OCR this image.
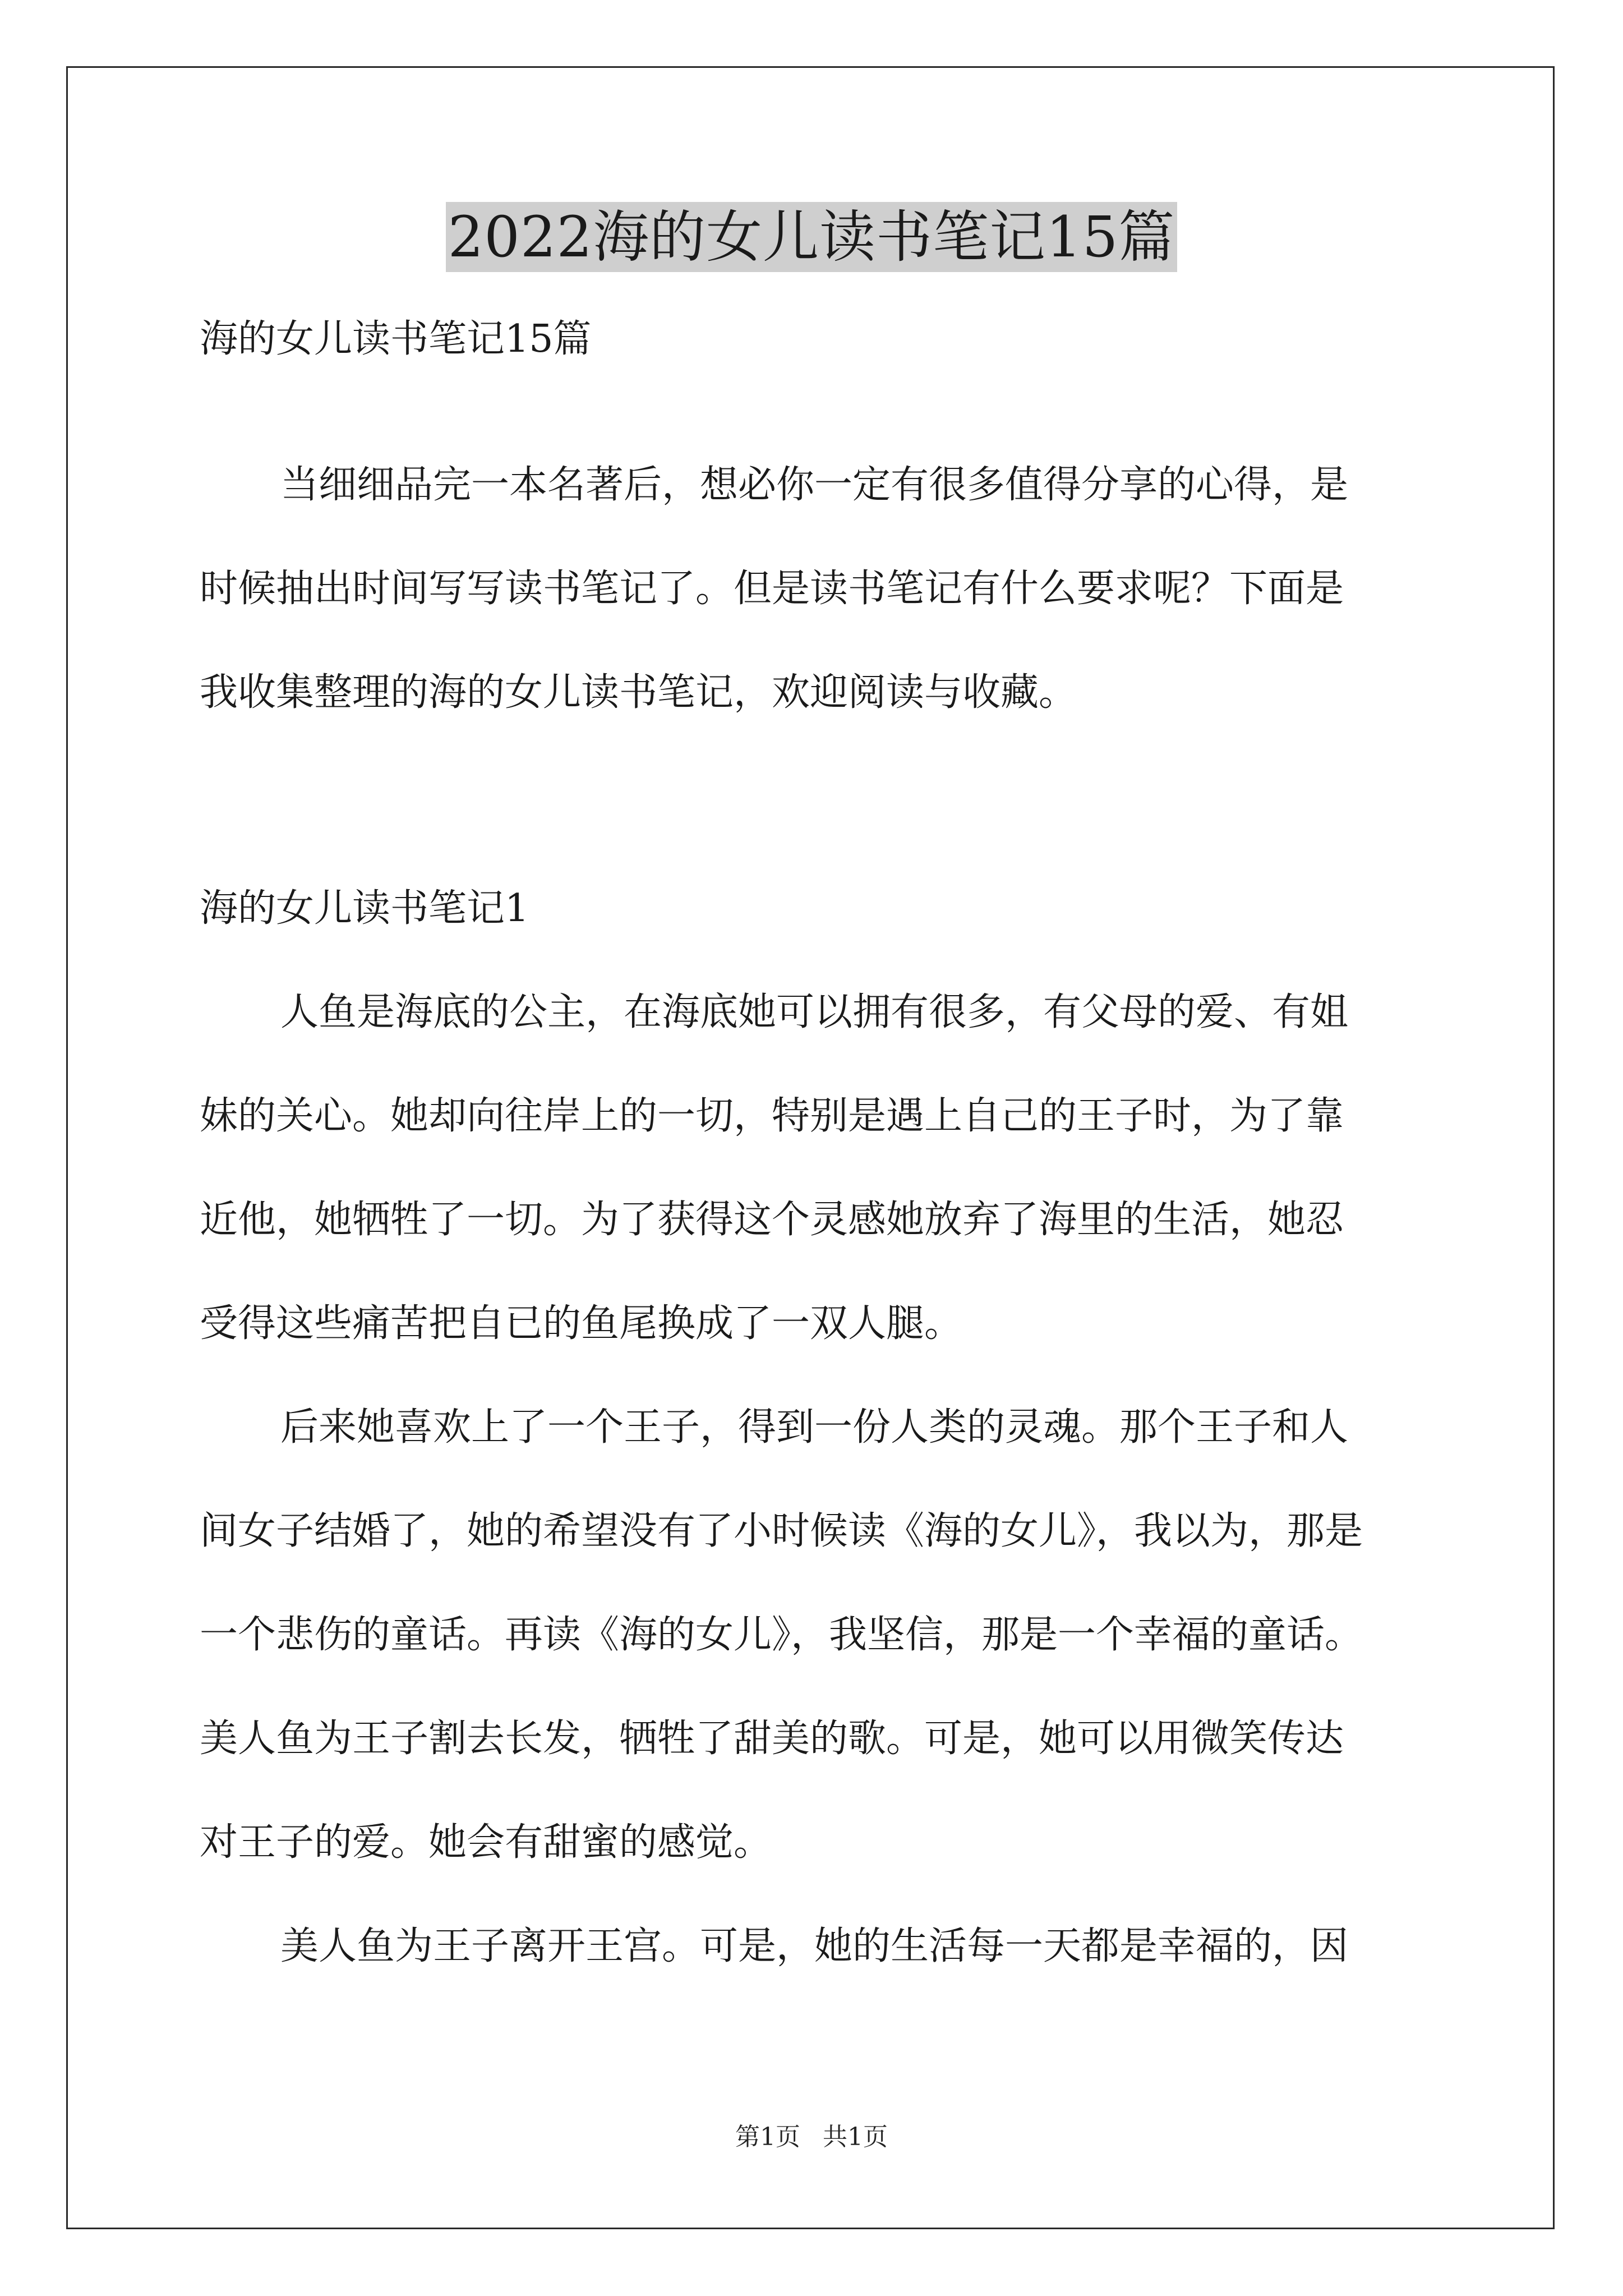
2022海的女儿读书笔记15篇
海的女儿读书笔记15篇
当细细品完一本名著后，想必你一定有很多值得分享的心得，是
时候抽出时间写写读书笔记了。但是读书笔记有什么要求呢？下面是
我收集整理的海的女儿读书笔记，欢迎阅读与收藏。
海的女儿读书笔记1
人鱼是海底的公主，在海底她可以拥有很多，有父母的爱、有姐
妹的关心。她却向往岸上的一切，特别是遇上自己的王子时，为了靠
近他，她牺牲了一切。为了获得这个灵感她放弃了海里的生活，她忍
受得这些痛苦把自已的鱼尾换成了一双人腿。
后来她喜欢上了一个王子，得到一份人类的灵魂。那个王子和人
间女子结婚了，她的希望没有了小时候读《海的女儿》，我以为，那是
一个悲伤的童话。再读《海的女儿》，我坚信，那是一个幸福的童话。
美人鱼为王子割去长发，牺牲了甜美的歌。可是，她可以用微笑传达
对王子的爱。她会有甜蜜的感觉。
美人鱼为王子离开王宫。可是，她的生活每一天都是幸福的，因
第1页 共1页
